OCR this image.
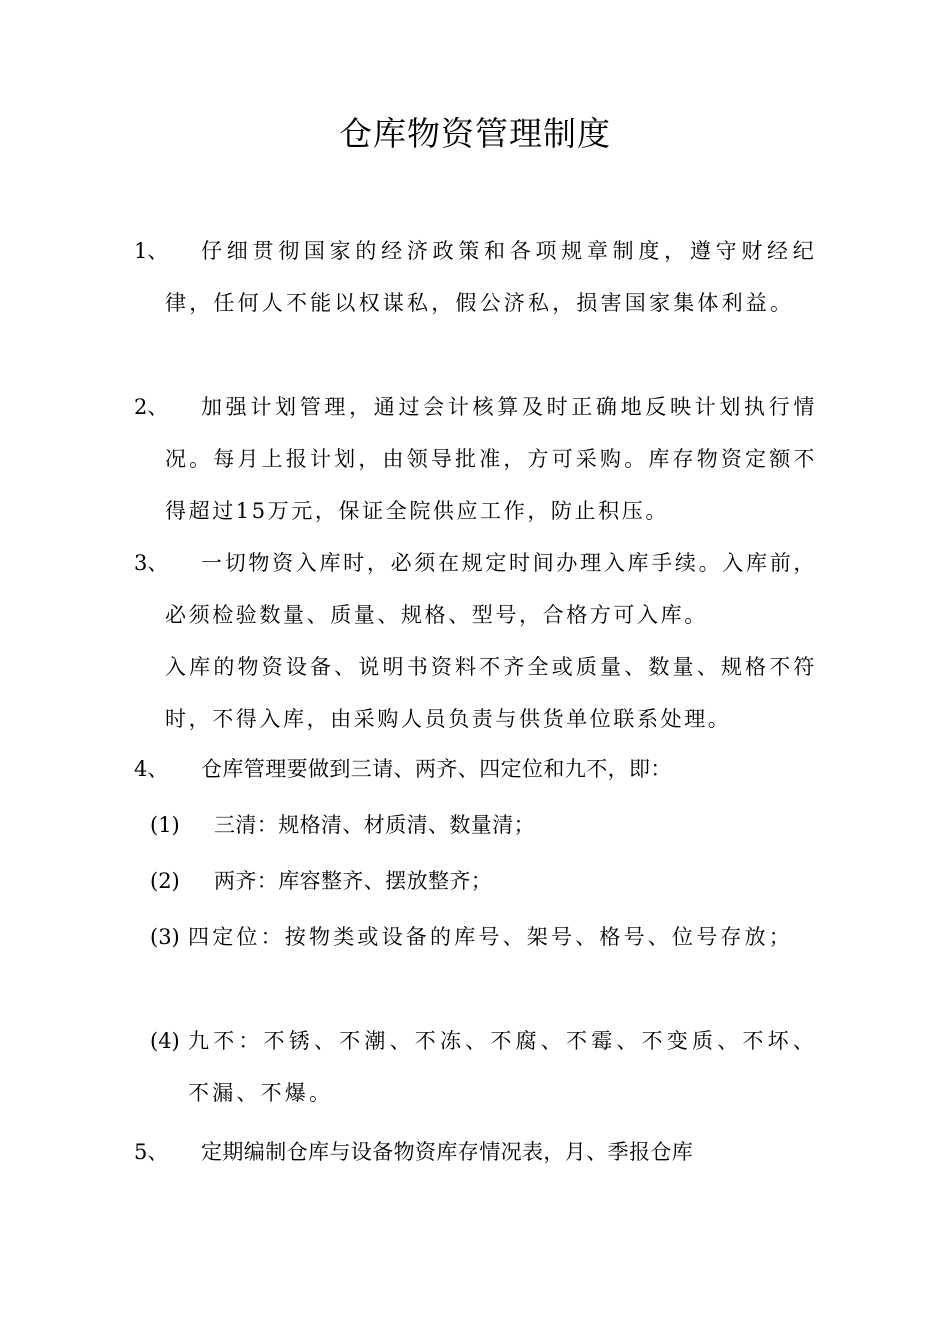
仓库物资管理制度
1、	仔细贯彻国家的经济政策和各项规章制度，遵守财经纪律，任何人不能以权谋私，假公济私，损害国家集体利益。

2、	加强计划管理，通过会计核算及时正确地反映计划执行情况。每月上报计划，由领导批准，方可采购。库存物资定额不得超过15万元，保证全院供应工作，防止积压。

3、	一切物资入库时，必须在规定时间办理入库手续。入库前，必须检验数量、质量、规格、型号，合格方可入库。

入库的物资设备、说明书资料不齐全或质量、数量、规格不符时，不得入库，由采购人员负责与供货单位联系处理。

4、	仓库管理要做到三请、两齐、四定位和九不，即：

(1) 三清：规格清、材质清、数量清；

(2) 两齐：库容整齐、摆放整齐；

(3) 四定位：按物类或设备的库号、架号、格号、位号存放；

(4) 九不：不锈、不潮、不冻、不腐、不霉、不变质、不坏、不漏、不爆。

5、	定期编制仓库与设备物资库存情况表，月、季报仓库
